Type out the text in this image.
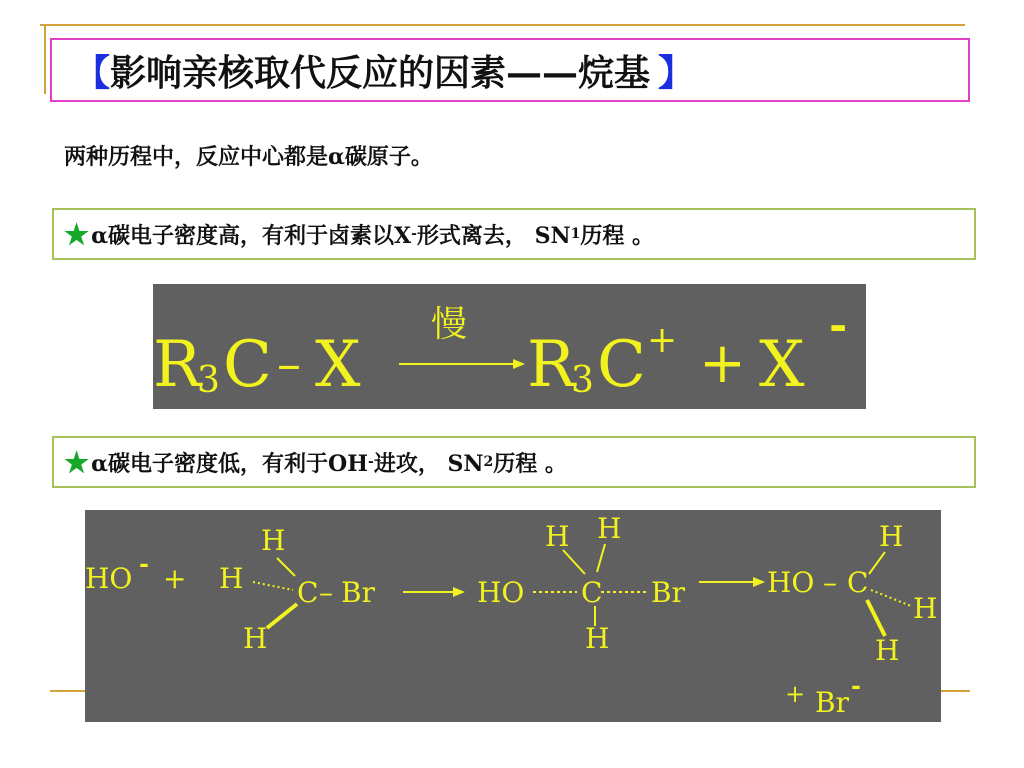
【 影响亲核取代反应的因素——烷基 】
两种历程中，反应中心都是α碳原子。
★ α碳电子密度高，有利于卤素以X - 形式离去， SN 1 历程 。
R
3 C – X
慢
R
3 C + + X
-
★ α碳电子密度低，有利于OH - 进攻， SN 2 历程 。
HO - +
H
H C – Br
H
HO
H H
C Br
H
HO – C
H
H
H
+ Br
-
